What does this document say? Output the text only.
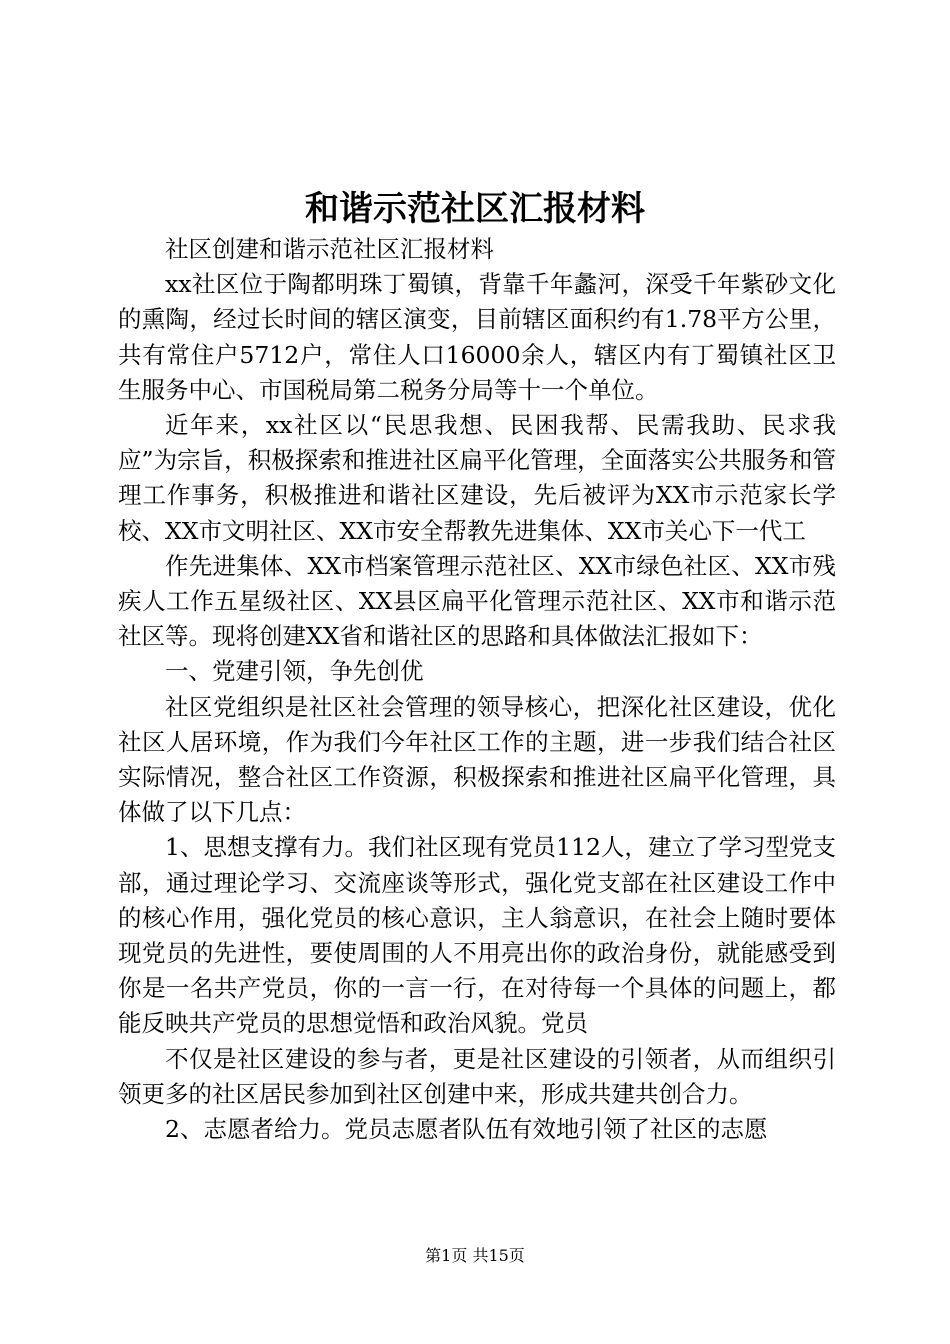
和谐示范社区汇报材料

社区创建和谐示范社区汇报材料

xx社区位于陶都明珠丁蜀镇，背靠千年蠡河，深受千年紫砂文化的熏陶，经过长时间的辖区演变，目前辖区面积约有1.78平方公里，共有常住户5712户，常住人口16000余人，辖区内有丁蜀镇社区卫生服务中心、市国税局第二税务分局等十一个单位。

近年来，xx社区以“民思我想、民困我帮、民需我助、民求我应”为宗旨，积极探索和推进社区扁平化管理，全面落实公共服务和管理工作事务，积极推进和谐社区建设，先后被评为XX市示范家长学校、XX市文明社区、XX市安全帮教先进集体、XX市关心下一代工

作先进集体、XX市档案管理示范社区、XX市绿色社区、XX市残疾人工作五星级社区、XX县区扁平化管理示范社区、XX市和谐示范社区等。现将创建XX省和谐社区的思路和具体做法汇报如下：

一、党建引领，争先创优

社区党组织是社区社会管理的领导核心，把深化社区建设，优化社区人居环境，作为我们今年社区工作的主题，进一步我们结合社区实际情况，整合社区工作资源，积极探索和推进社区扁平化管理，具体做了以下几点：

1、思想支撑有力。我们社区现有党员112人，建立了学习型党支部，通过理论学习、交流座谈等形式，强化党支部在社区建设工作中的核心作用，强化党员的核心意识，主人翁意识，在社会上随时要体现党员的先进性，要使周围的人不用亮出你的政治身份，就能感受到你是一名共产党员，你的一言一行，在对待每一个具体的问题上，都能反映共产党员的思想觉悟和政治风貌。党员

不仅是社区建设的参与者，更是社区建设的引领者，从而组织引领更多的社区居民参加到社区创建中来，形成共建共创合力。

2、志愿者给力。党员志愿者队伍有效地引领了社区的志愿

第1页 共15页
